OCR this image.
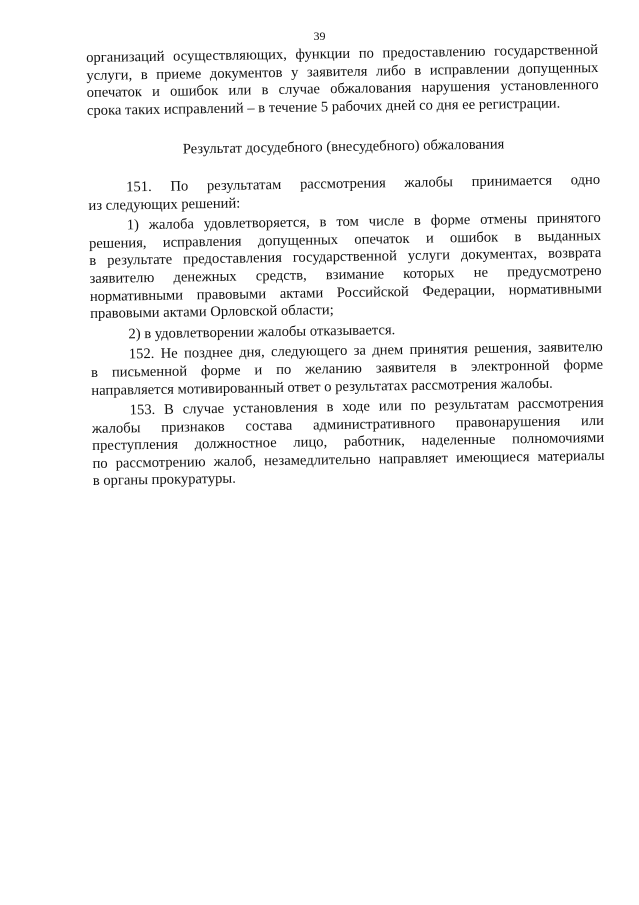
39
организаций осуществляющих, функции по предоставлению государственной
услуги, в приеме документов у заявителя либо в исправлении допущенных
опечаток и ошибок или в случае обжалования нарушения установленного
срока таких исправлений – в течение 5 рабочих дней со дня ее регистрации.
Результат досудебного (внесудебного) обжалования
151. По результатам рассмотрения жалобы принимается одно
из следующих решений:
1) жалоба удовлетворяется, в том числе в форме отмены принятого
решения, исправления допущенных опечаток и ошибок в выданных
в результате предоставления государственной услуги документах, возврата
заявителю денежных средств, взимание которых не предусмотрено
нормативными правовыми актами Российской Федерации, нормативными
правовыми актами Орловской области;
2) в удовлетворении жалобы отказывается.
152. Не позднее дня, следующего за днем принятия решения, заявителю
в письменной форме и по желанию заявителя в электронной форме
направляется мотивированный ответ о результатах рассмотрения жалобы.
153. В случае установления в ходе или по результатам рассмотрения
жалобы признаков состава административного правонарушения или
преступления должностное лицо, работник, наделенные полномочиями
по рассмотрению жалоб, незамедлительно направляет имеющиеся материалы
в органы прокуратуры.
